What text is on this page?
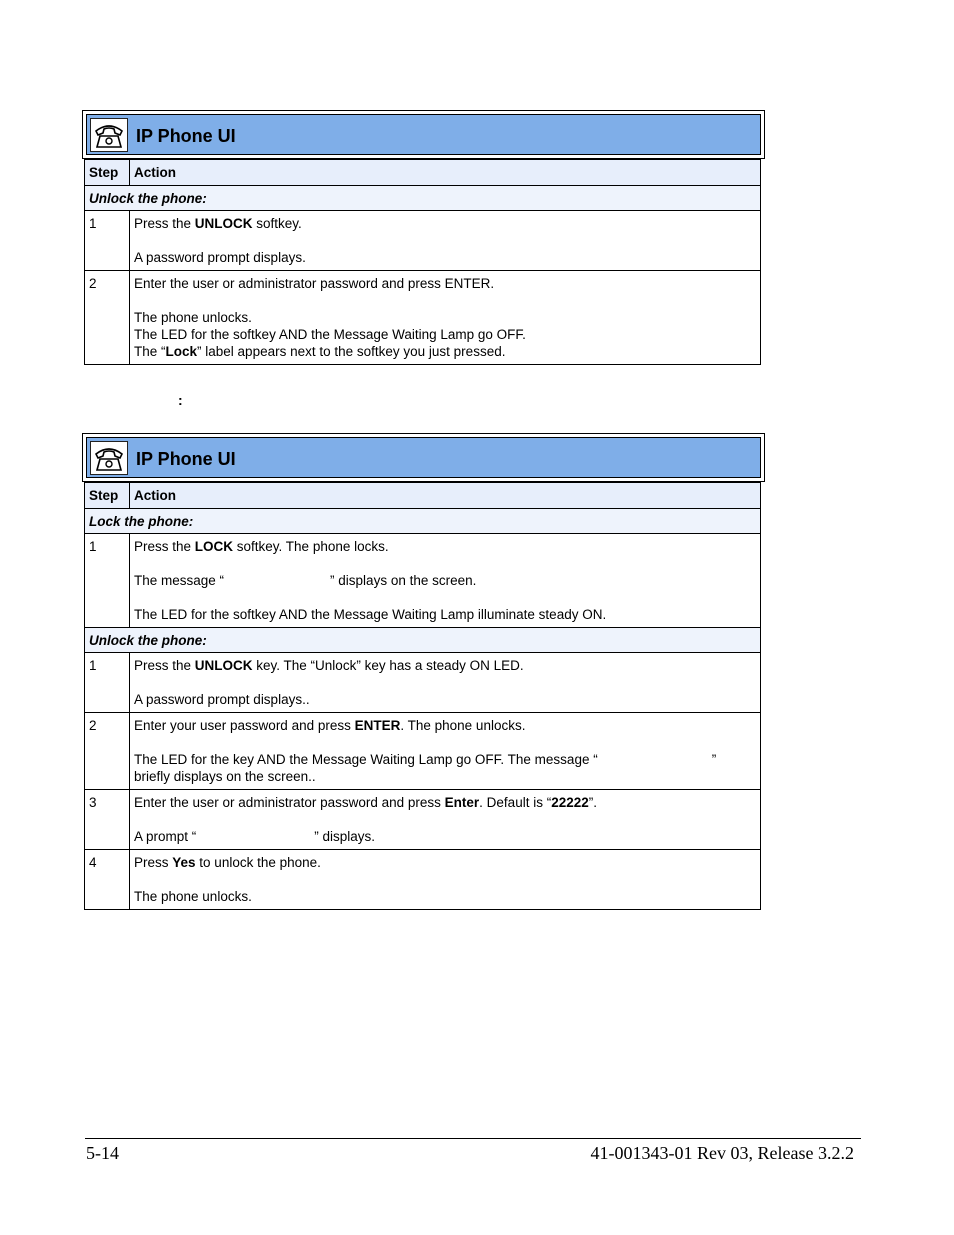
IP Phone UI
Step	Action
Unlock the phone:	
1	Press the UNLOCK softkey.
A password prompt displays.

2	Enter the user or administrator password and press ENTER.
The phone unlocks.
The LED for the softkey AND the Message Waiting Lamp go OFF.
The “Lock” label appears next to the softkey you just pressed.
:
IP Phone UI
Step	Action
Lock the phone:	
1	Press the LOCK softkey. The phone locks.
The message “ ” displays on the screen.
The LED for the softkey AND the Message Waiting Lamp illuminate steady ON.

Unlock the phone:	
1	Press the UNLOCK key. The “Unlock” key has a steady ON LED.
A password prompt displays..

2	Enter your user password and press ENTER. The phone unlocks.
The LED for the key AND the Message Waiting Lamp go OFF. The message “ ”
briefly displays on the screen..

3	Enter the user or administrator password and press Enter. Default is “22222”.
A prompt “ ” displays.

4	Press Yes to unlock the phone.
The phone unlocks.
5-14	41-001343-01 Rev 03, Release 3.2.2
